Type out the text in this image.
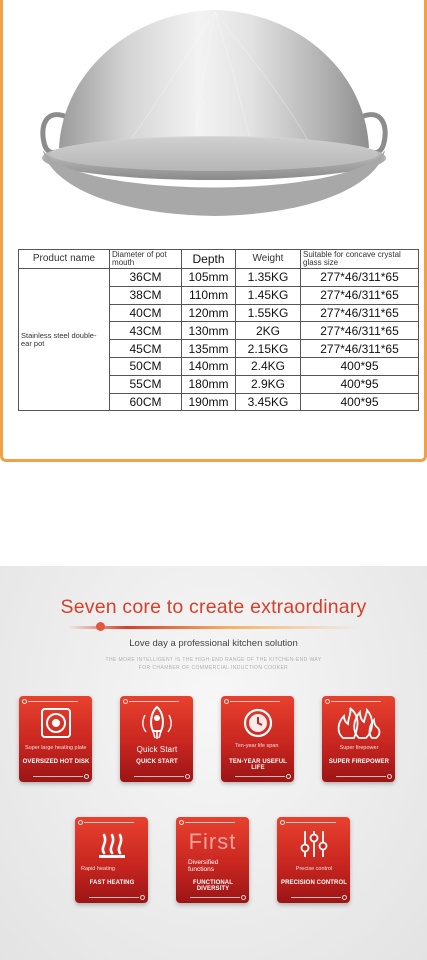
Product name	Diameter of pot mouth	Depth	Weight	Suitable for concave crystal glass size
Stainless steel double-ear pot	36CM	105mm	1.35KG	277*46/311*65
	38CM	110mm	1.45KG	277*46/311*65
	40CM	120mm	1.55KG	277*46/311*65
	43CM	130mm	2KG	277*46/311*65
	45CM	135mm	2.15KG	277*46/311*65
	50CM	140mm	2.4KG	400*95
	55CM	180mm	2.9KG	400*95
	60CM	190mm	3.45KG	400*95
Seven core to create extraordinary
Love day a professional kitchen solution
THE MORE INTELLIGENT IS THE HIGH-END RANGE OF THE KITCHEN-END WAY
FOR CHAMBER OF COMMERCIAL INDUCTION COOKER
Super large heating plate
OVERSIZED HOT DISK
Quick Start
QUICK START
Ten-year life span
TEN-YEAR USEFUL LIFE
Super firepower
SUPER FIREPOWER
Rapid heating
FAST HEATING
First
Diversified functions
FUNCTIONAL DIVERSITY
Precise control
PRECISION CONTROL
